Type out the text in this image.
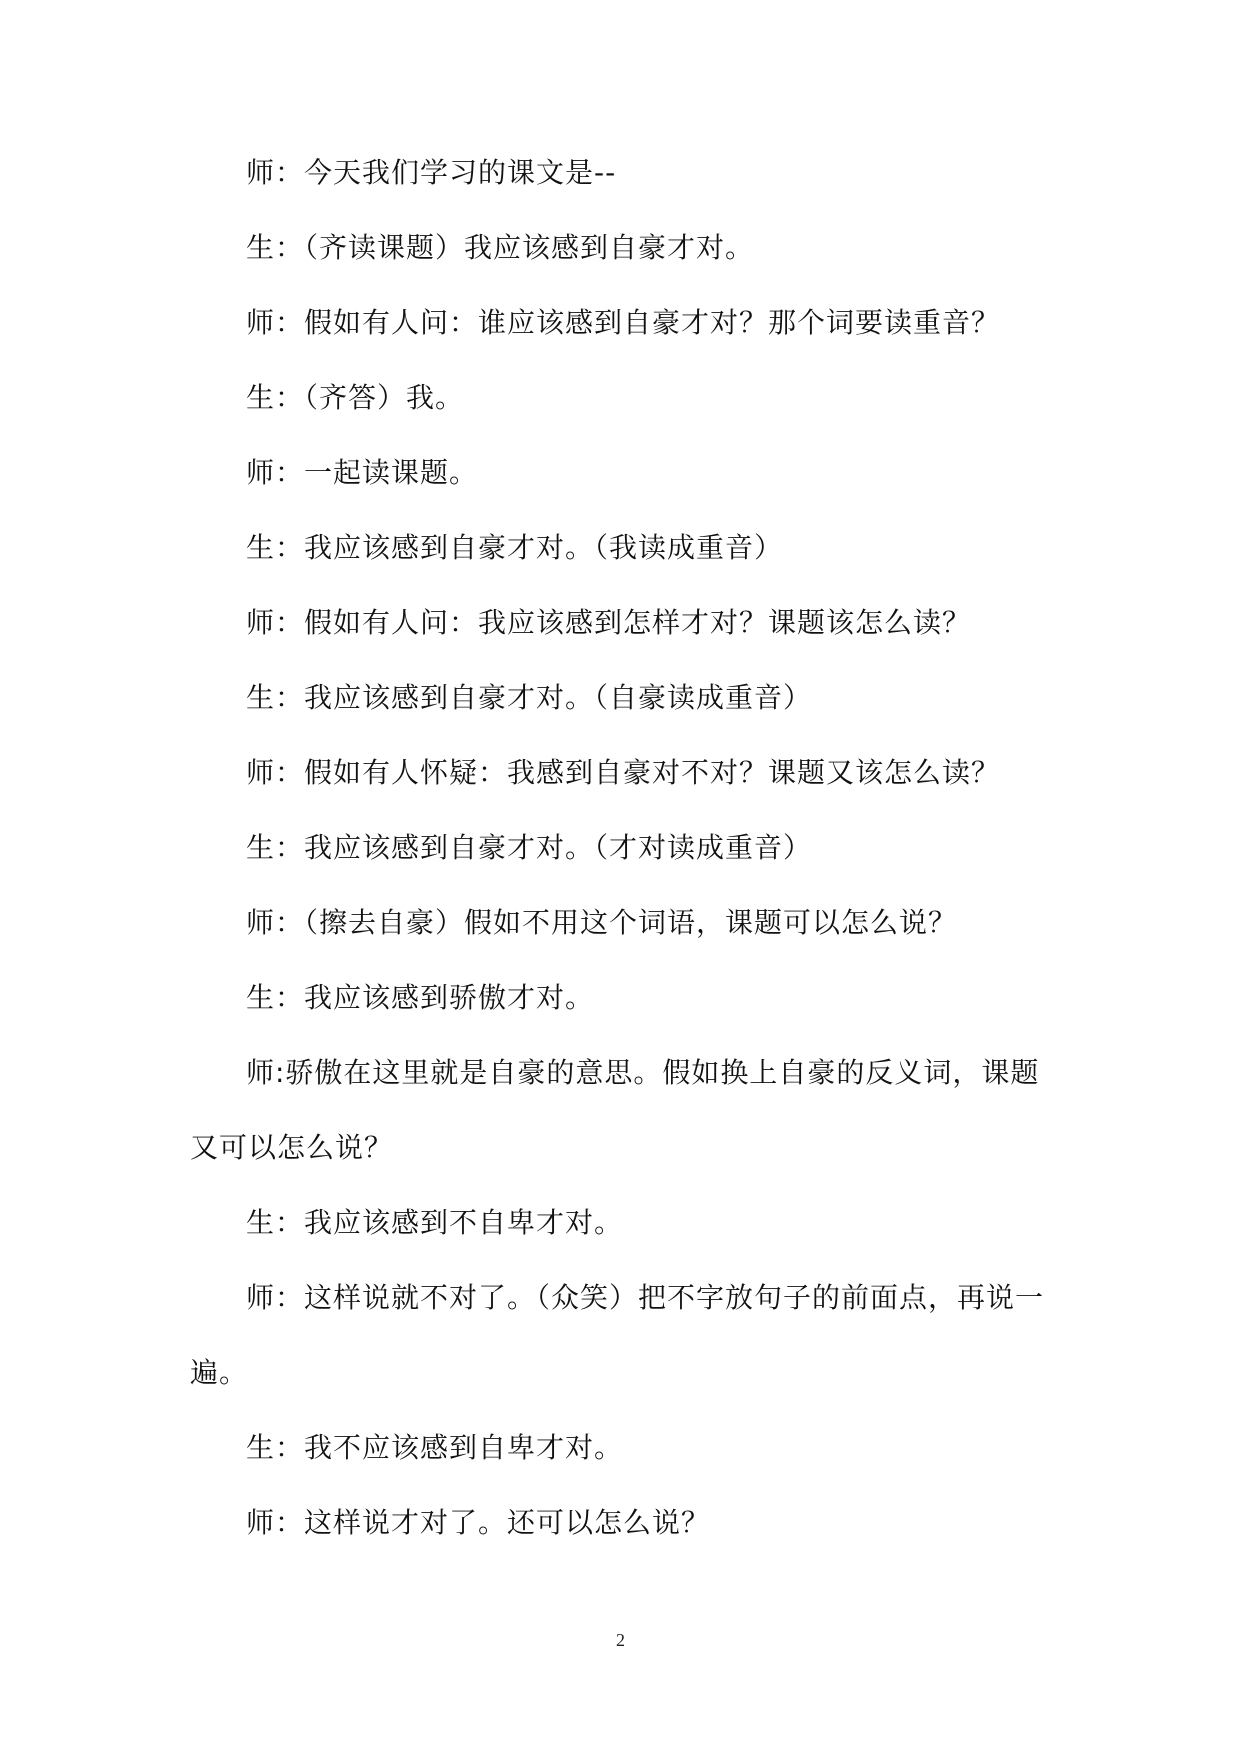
师：今天我们学习的课文是--

生：（齐读课题）我应该感到自豪才对。

师：假如有人问：谁应该感到自豪才对？那个词要读重音？

生：（齐答）我。

师：一起读课题。

生：我应该感到自豪才对。（我读成重音）

师：假如有人问：我应该感到怎样才对？课题该怎么读？

生：我应该感到自豪才对。（自豪读成重音）

师：假如有人怀疑：我感到自豪对不对？课题又该怎么读？

生：我应该感到自豪才对。（才对读成重音）

师：（擦去自豪）假如不用这个词语，课题可以怎么说？

生：我应该感到骄傲才对。

师:骄傲在这里就是自豪的意思。假如换上自豪的反义词，课题又可以怎么说？

生：我应该感到不自卑才对。

师：这样说就不对了。（众笑）把不字放句子的前面点，再说一遍。

生：我不应该感到自卑才对。

师：这样说才对了。还可以怎么说？

2
